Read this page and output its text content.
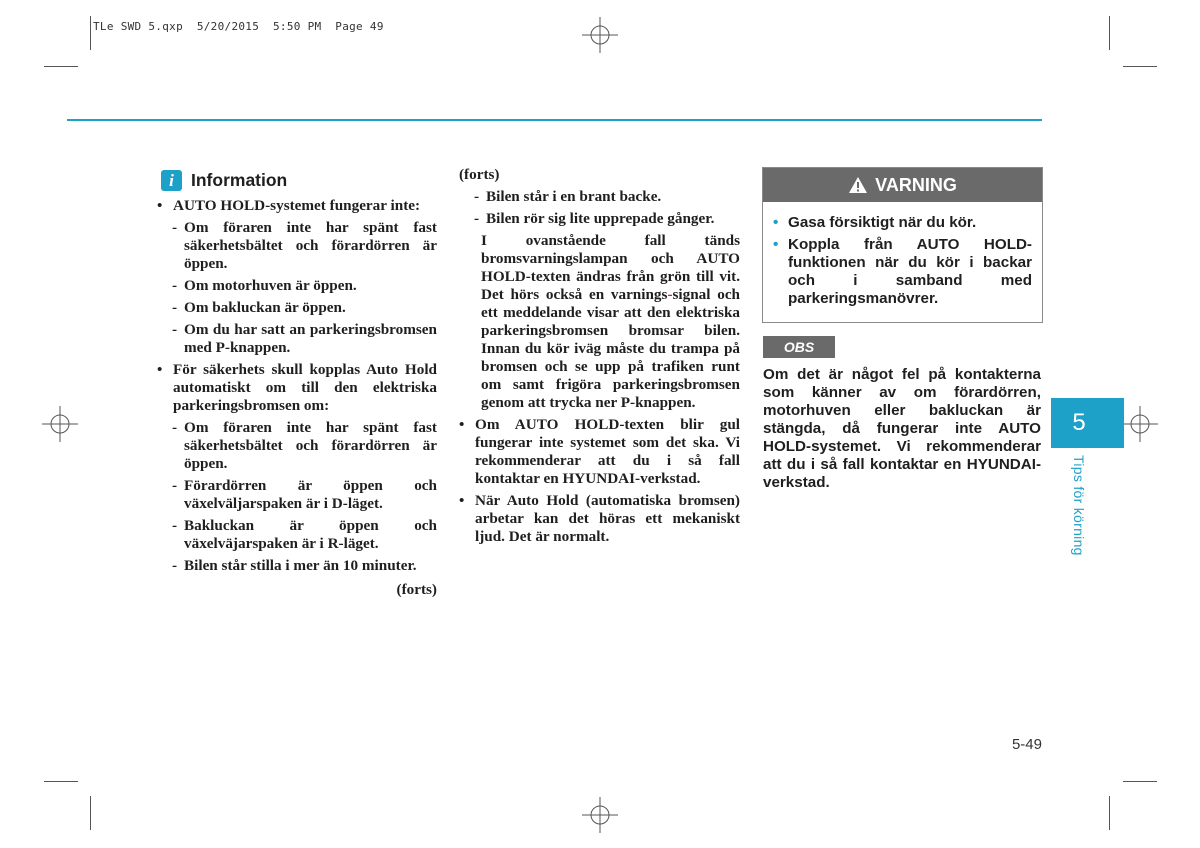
TLe SWD 5.qxp  5/20/2015  5:50 PM  Page 49
i Information
• AUTO HOLD-systemet fungerar inte:
- Om föraren inte har spänt fast säkerhetsbältet och förardörren är öppen.
- Om motorhuven är öppen.
- Om bakluckan är öppen.
- Om du har satt an parkeringsbromsen med P-knappen.
• För säkerhets skull kopplas Auto Hold automatiskt om till den elektriska parkeringsbromsen om:
- Om föraren inte har spänt fast säkerhetsbältet och förardörren är öppen.
- Förardörren är öppen och växelväljarspaken är i D-läget.
- Bakluckan är öppen och växelväjarspaken är i R-läget.
- Bilen står stilla i mer än 10 minuter.
(forts)
(forts)
- Bilen står i en brant backe.
- Bilen rör sig lite upprepade gånger.
I ovanstående fall tänds bromsvarningslampan och AUTO HOLD-texten ändras från grön till vit. Det hörs också en varnings-signal och ett meddelande visar att den elektriska parkeringsbromsen bromsar bilen. Innan du kör iväg måste du trampa på bromsen och se upp på trafiken runt om samt frigöra parkeringsbromsen genom att trycka ner P-knappen.
• Om AUTO HOLD-texten blir gul fungerar inte systemet som det ska. Vi rekommenderar att du i så fall kontaktar en HYUNDAI-verkstad.
• När Auto Hold (automatiska bromsen) arbetar kan det höras ett mekaniskt ljud. Det är normalt.
VARNING
• Gasa försiktigt när du kör.
• Koppla från AUTO HOLD-funktionen när du kör i backar och i samband med parkeringsmanövrer.
OBS
Om det är något fel på kontakterna som känner av om förardörren, motorhuven eller bakluckan är stängda, då fungerar inte AUTO HOLD-systemet. Vi rekommenderar att du i så fall kontaktar en HYUNDAI-verkstad.
5
Tips för körning
5-49
